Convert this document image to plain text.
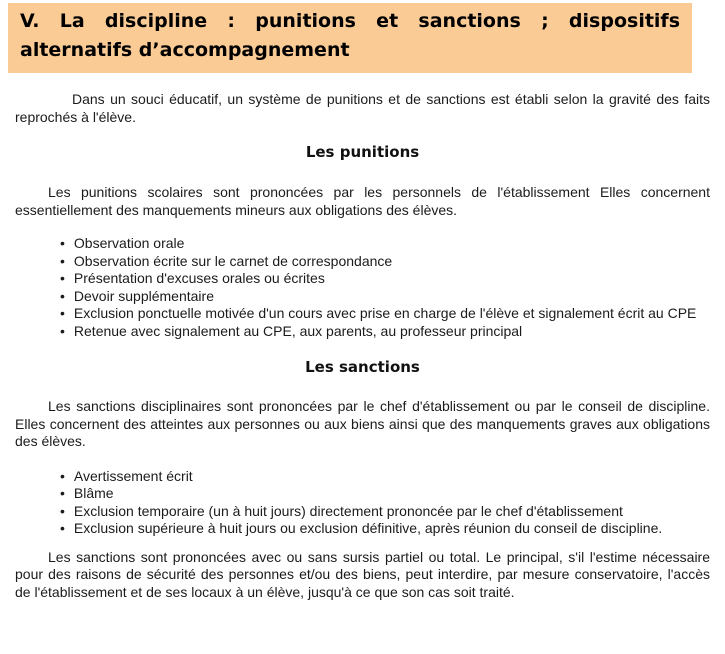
V. La discipline : punitions et sanctions ; dispositifs alternatifs d’accompagnement

Dans un souci éducatif, un système de punitions et de sanctions est établi selon la gravité des faits reprochés à l'élève.

Les punitions

Les punitions scolaires sont prononcées par les personnels de l'établissement Elles concernent essentiellement des manquements mineurs aux obligations des élèves.

• Observation orale
• Observation écrite sur le carnet de correspondance
• Présentation d'excuses orales ou écrites
• Devoir supplémentaire
• Exclusion ponctuelle motivée d'un cours avec prise en charge de l'élève et signalement écrit au CPE
• Retenue avec signalement au CPE, aux parents, au professeur principal
Les sanctions

Les sanctions disciplinaires sont prononcées par le chef d'établissement ou par le conseil de discipline. Elles concernent des atteintes aux personnes ou aux biens ainsi que des manquements graves aux obligations des élèves.

• Avertissement écrit
• Blâme
• Exclusion temporaire (un à huit jours) directement prononcée par le chef d'établissement
• Exclusion supérieure à huit jours ou exclusion définitive, après réunion du conseil de discipline.

Les sanctions sont prononcées avec ou sans sursis partiel ou total. Le principal, s'il l'estime nécessaire pour des raisons de sécurité des personnes et/ou des biens, peut interdire, par mesure conservatoire, l'accès de l'établissement et de ses locaux à un élève, jusqu'à ce que son cas soit traité.
